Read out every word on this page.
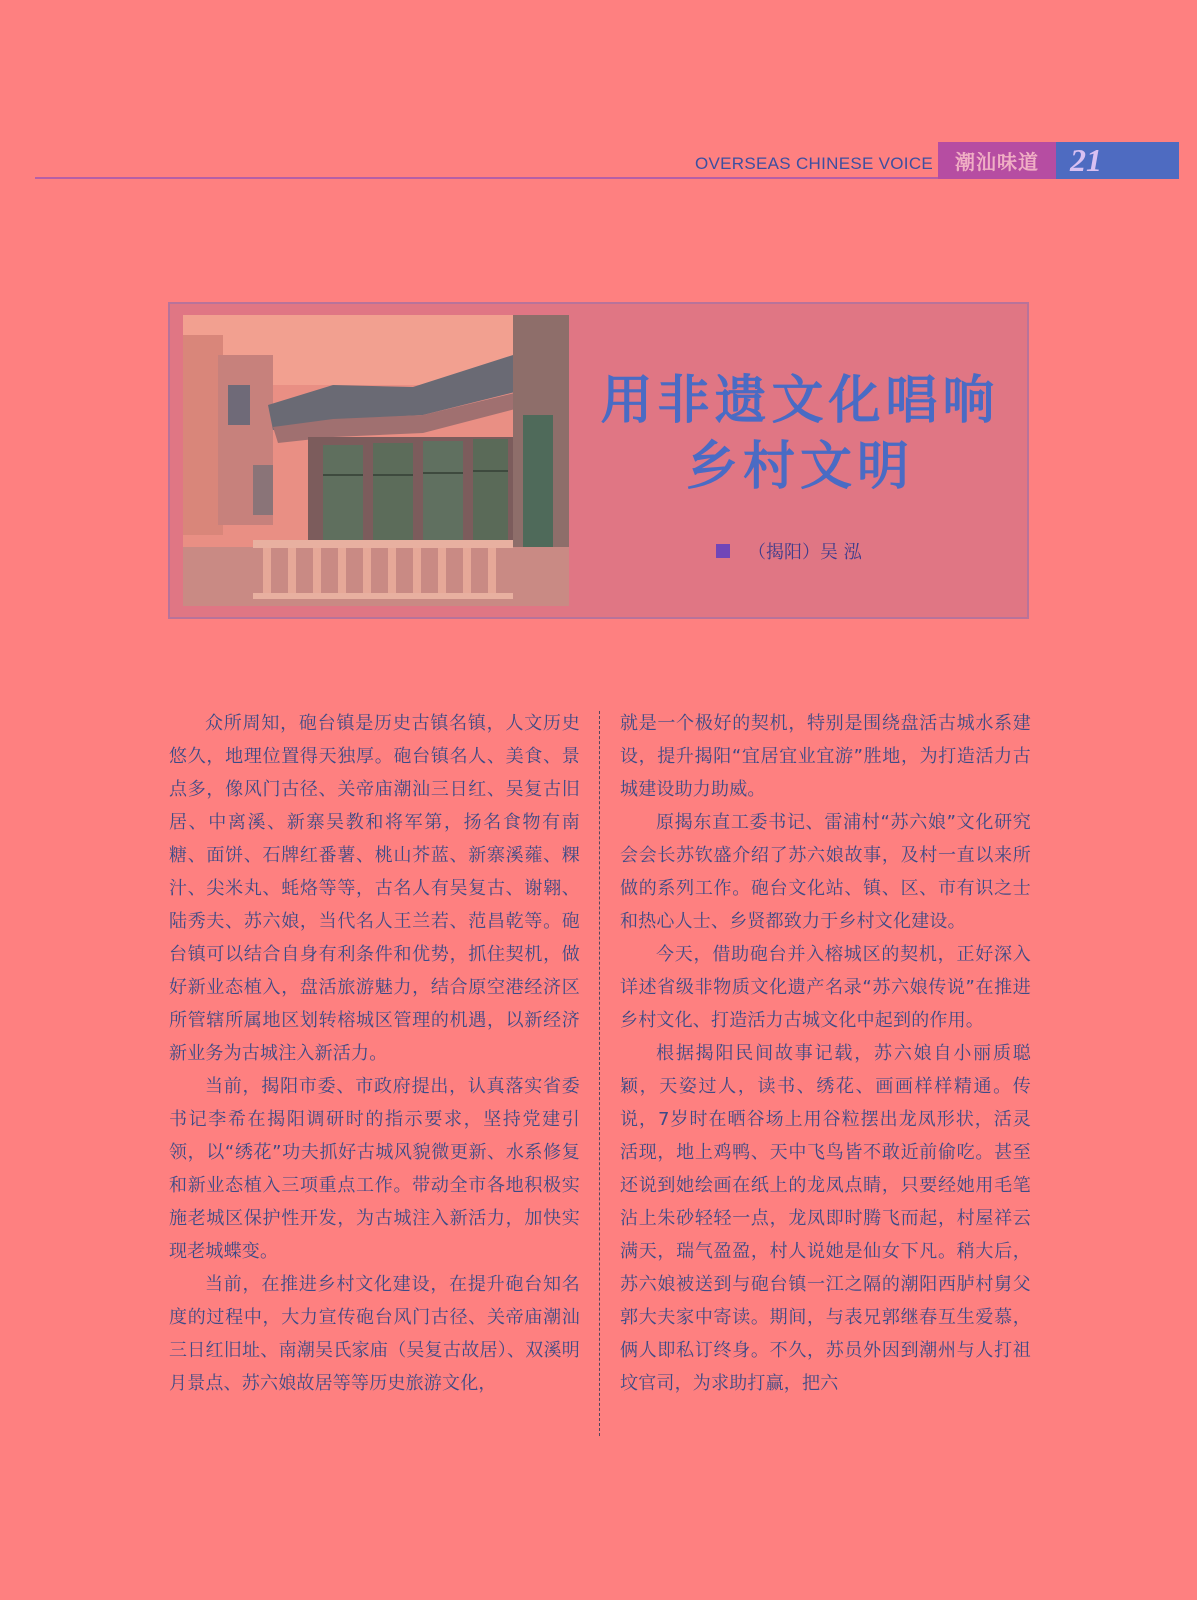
OVERSEAS CHINESE VOICE	潮汕味道 21
用非遗文化唱响
乡村文明
（揭阳）吴 泓

众所周知，砲台镇是历史古镇名镇，人文历史悠久，地理位置得天独厚。砲台镇名人、美食、景点多，像风门古径、关帝庙潮汕三日红、吴复古旧居、中离溪、新寨吴教和将军第，扬名食物有南糖、面饼、石牌红番薯、桃山芥蓝、新寨溪蕹、粿汁、尖米丸、蚝烙等等，古名人有吴复古、谢翱、陆秀夫、苏六娘，当代名人王兰若、范昌乾等。砲台镇可以结合自身有利条件和优势，抓住契机，做好新业态植入，盘活旅游魅力，结合原空港经济区所管辖所属地区划转榕城区管理的机遇，以新经济新业务为古城注入新活力。

当前，揭阳市委、市政府提出，认真落实省委书记李希在揭阳调研时的指示要求，坚持党建引领，以“绣花”功夫抓好古城风貌微更新、水系修复和新业态植入三项重点工作。带动全市各地积极实施老城区保护性开发，为古城注入新活力，加快实现老城蝶变。

当前，在推进乡村文化建设，在提升砲台知名度的过程中，大力宣传砲台风门古径、关帝庙潮汕三日红旧址、南潮吴氏家庙（吴复古故居）、双溪明月景点、苏六娘故居等等历史旅游文化，

就是一个极好的契机，特别是围绕盘活古城水系建设，提升揭阳“宜居宜业宜游”胜地，为打造活力古城建设助力助威。

原揭东直工委书记、雷浦村“苏六娘”文化研究会会长苏钦盛介绍了苏六娘故事，及村一直以来所做的系列工作。砲台文化站、镇、区、市有识之士和热心人士、乡贤都致力于乡村文化建设。

今天，借助砲台并入榕城区的契机，正好深入详述省级非物质文化遗产名录“苏六娘传说”在推进乡村文化、打造活力古城文化中起到的作用。

根据揭阳民间故事记载，苏六娘自小丽质聪颖，天姿过人，读书、绣花、画画样样精通。传说，7岁时在晒谷场上用谷粒摆出龙凤形状，活灵活现，地上鸡鸭、天中飞鸟皆不敢近前偷吃。甚至还说到她绘画在纸上的龙凤点睛，只要经她用毛笔沾上朱砂轻轻一点，龙凤即时腾飞而起，村屋祥云满天，瑞气盈盈，村人说她是仙女下凡。稍大后，苏六娘被送到与砲台镇一江之隔的潮阳西胪村舅父郭大夫家中寄读。期间，与表兄郭继春互生爱慕，俩人即私订终身。不久，苏员外因到潮州与人打祖坟官司，为求助打赢，把六
